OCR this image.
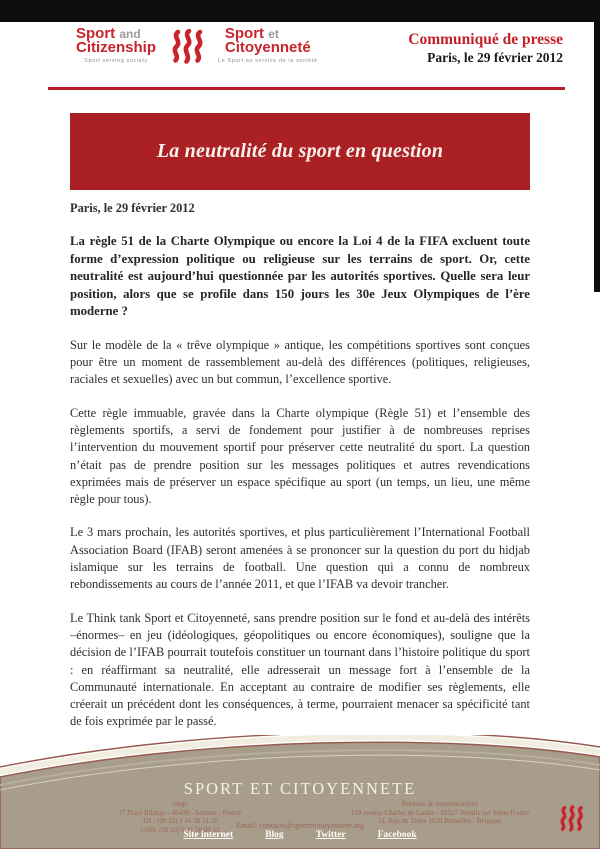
Sport and
Citizenship
Sport serving society
Sport et
Citoyenneté
Le Sport au service de la société
Communiqué de presse
Paris, le 29 février 2012
La neutralité du sport en question

Paris, le 29 février 2012

La règle 51 de la Charte Olympique ou encore la Loi 4 de la FIFA excluent toute forme d’expression politique ou religieuse sur les terrains de sport. Or, cette neutralité est aujourd’hui questionnée par les autorités sportives. Quelle sera leur position, alors que se profile dans 150 jours les 30e Jeux Olympiques de l’ère moderne ?

Sur le modèle de la « trêve olympique » antique, les compétitions sportives sont conçues pour être un moment de rassemblement au-delà des différences (politiques, religieuses, raciales et sexuelles) avec un but commun, l’excellence sportive.

Cette règle immuable, gravée dans la Charte olympique (Règle 51) et l’ensemble des règlements sportifs, a servi de fondement pour justifier à de nombreuses reprises l’intervention du mouvement sportif pour préserver cette neutralité du sport. La question n’était pas de prendre position sur les messages politiques et autres revendications exprimées mais de préserver un espace spécifique au sport (un temps, un lieu, une même règle pour tous).

Le 3 mars prochain, les autorités sportives, et plus particulièrement l’International Football Association Board (IFAB) seront amenées à se prononcer sur la question du port du hidjab islamique sur les terrains de football. Une question qui a connu de nombreux rebondissements au cours de l’année 2011, et que l’IFAB va devoir trancher.

Le Think tank Sport et Citoyenneté, sans prendre position sur le fond et au-delà des intérêts –énormes– en jeu (idéologiques, géopolitiques ou encore économiques), souligne que la décision de l’IFAB pourrait toutefois constituer un tournant dans l’histoire politique du sport : en réaffirmant sa neutralité, elle adresserait un message fort à l’ensemble de la Communauté internationale. En acceptant au contraire de modifier ses règlements, elle créerait un précédent dont les conséquences, à terme, pourraient menacer sa spécificité tant de fois exprimée par le passé.

SPORT ET CITOYENNETE
Siège
17 Place Bilange - 49400 - Saumur - France
Tél : (00 33) 2 41 38 51 26
GSM: (00 33) 6 31 50 69 12
Bureaux de représentations
159 avenue Charles de Gaulle - 92527 Neuilly sur Seine France
51, Rue du Trône 1050 Bruxelles - Belgique
Email: contacts@sportetcitoyennete.org
Site internet	Blog	Twitter	Facebook
